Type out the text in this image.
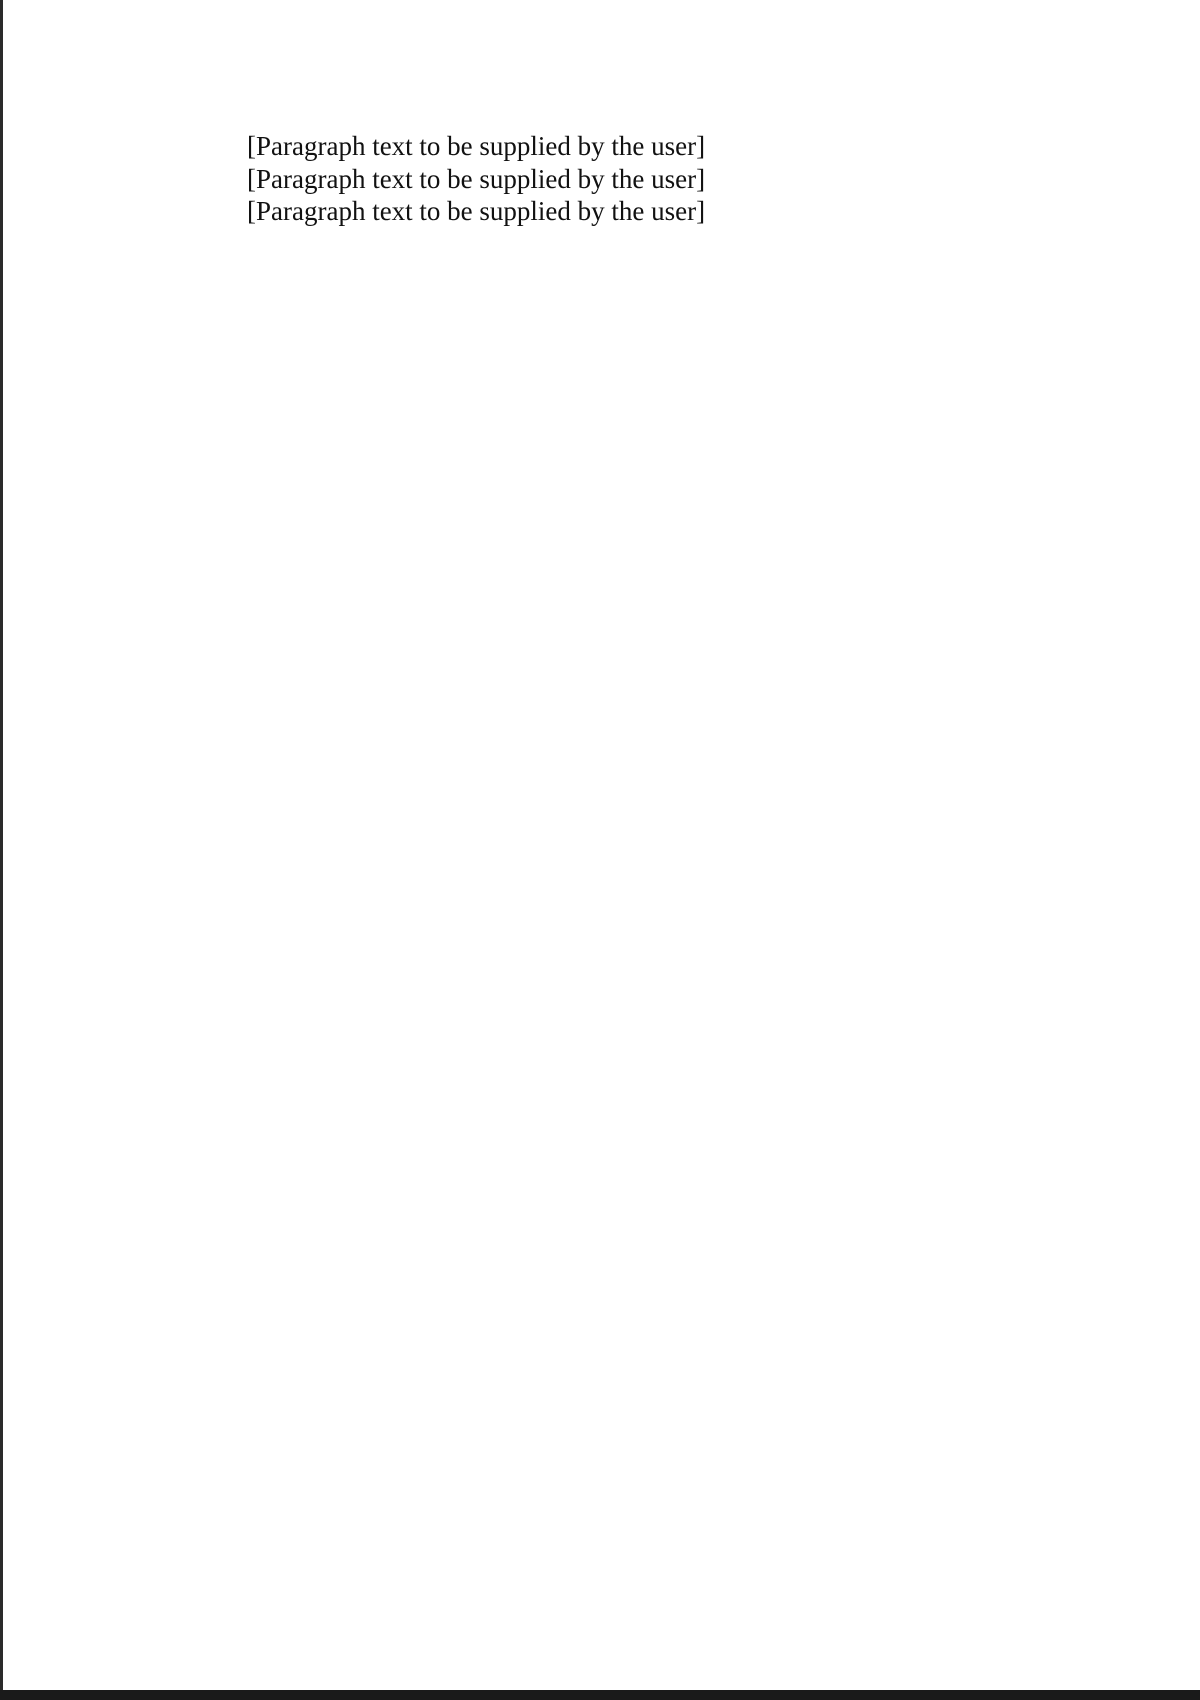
[Paragraph text to be supplied by the user]

[Paragraph text to be supplied by the user]

[Paragraph text to be supplied by the user]
